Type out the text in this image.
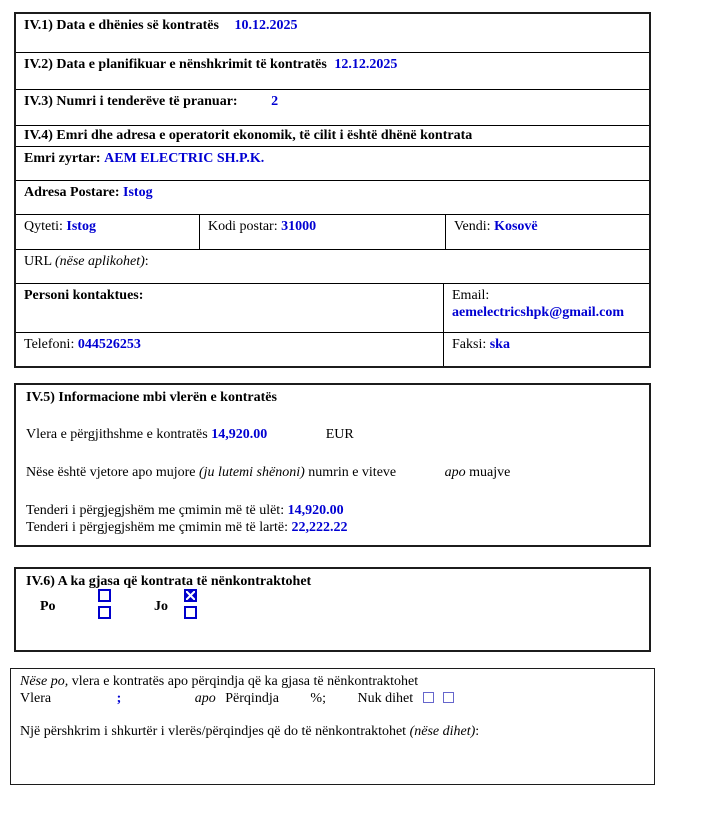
IV.1) Data e dhënies së kontratës 10.12.2025
IV.2) Data e planifikuar e nënshkrimit të kontratës 12.12.2025
IV.3) Numri i tenderëve të pranuar: 2
IV.4) Emri dhe adresa e operatorit ekonomik, të cilit i është dhënë kontrata
Emri zyrtar: AEM ELECTRIC SH.P.K.
Adresa Postare: Istog
Qyteti: Istog	Kodi postar: 31000	Vendi: Kosovë
URL (nëse aplikohet):
Personi kontaktues:	Email:
aemelectricshpk@gmail.com
Telefoni: 044526253	Faksi: ska
IV.5) Informacione mbi vlerën e kontratës
Vlera e përgjithshme e kontratës 14,920.00	EUR
Nëse është vjetore apo mujore (ju lutemi shënoni) numrin e viteve	apo muajve
Tenderi i përgjegjshëm me çmimin më të ulët: 14,920.00
Tenderi i përgjegjshëm me çmimin më të lartë: 22,222.22
IV.6) A ka gjasa që kontrata të nënkontraktohet
Po	Jo
Nëse po, vlera e kontratës apo përqindja që ka gjasa të nënkontraktohet
Vlera	;	apo Përqindja %; Nuk dihet
Një përshkrim i shkurtër i vlerës/përqindjes që do të nënkontraktohet (nëse dihet):
